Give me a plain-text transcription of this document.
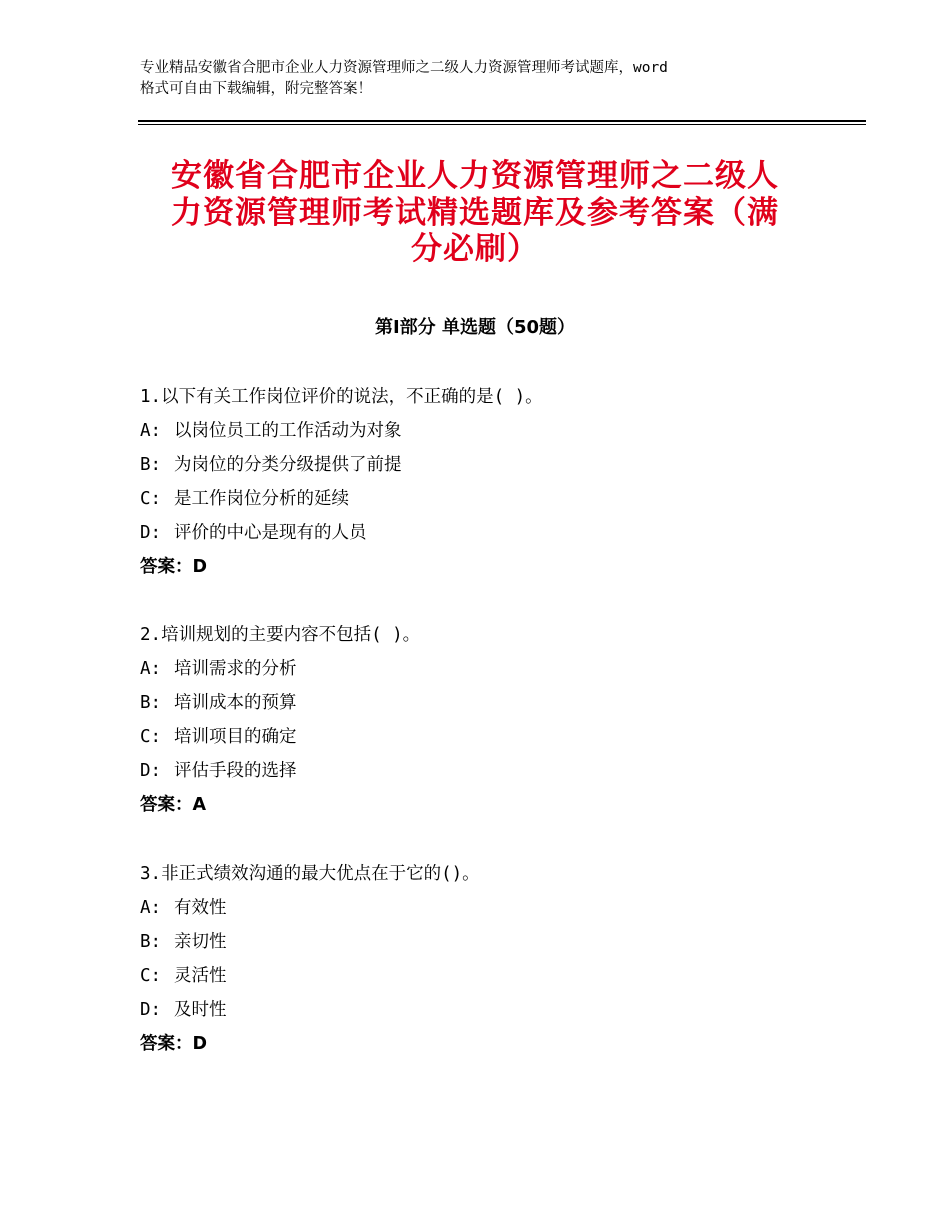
专业精品安徽省合肥市企业人力资源管理师之二级人力资源管理师考试题库，word
格式可自由下载编辑，附完整答案！
安徽省合肥市企业人力资源管理师之二级人
力资源管理师考试精选题库及参考答案（满
分必刷）
第Ⅰ部分 单选题（50题）
1.以下有关工作岗位评价的说法，不正确的是( )。
A: 以岗位员工的工作活动为对象
B: 为岗位的分类分级提供了前提
C: 是工作岗位分析的延续
D: 评价的中心是现有的人员
答案：D
2.培训规划的主要内容不包括( )。
A: 培训需求的分析
B: 培训成本的预算
C: 培训项目的确定
D: 评估手段的选择
答案：A
3.非正式绩效沟通的最大优点在于它的()。
A: 有效性
B: 亲切性
C: 灵活性
D: 及时性
答案：D
